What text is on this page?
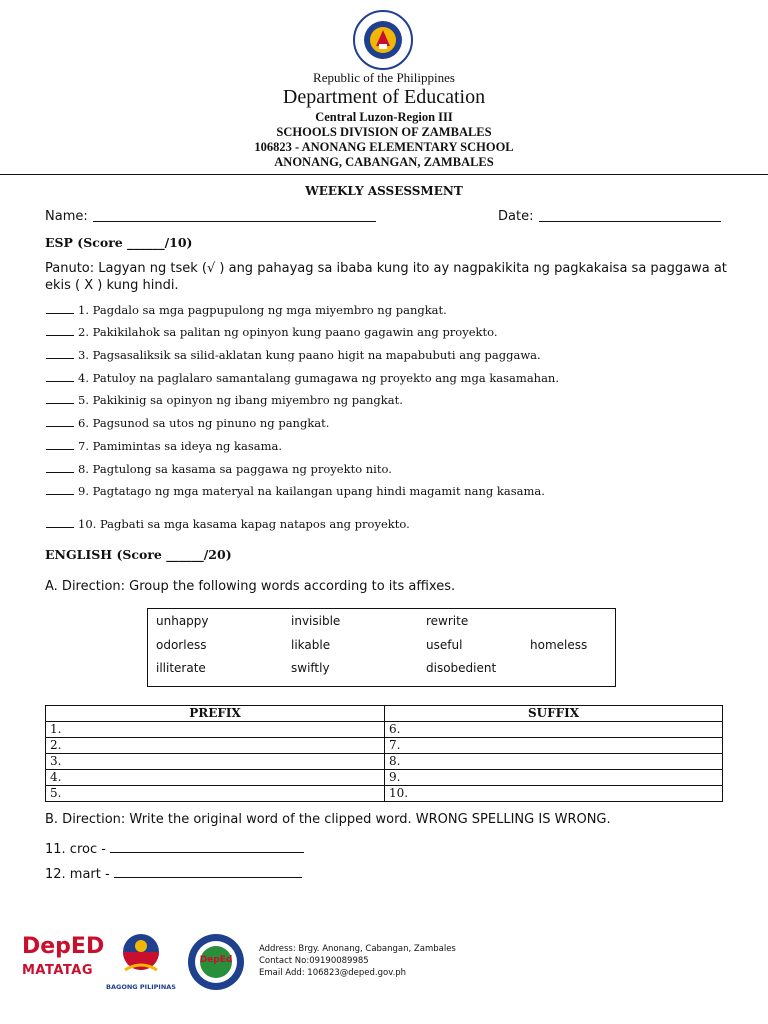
Republic of the Philippines
Department of Education
Central Luzon-Region III
SCHOOLS DIVISION OF ZAMBALES
106823 - ANONANG ELEMENTARY SCHOOL
ANONANG, CABANGAN, ZAMBALES
WEEKLY ASSESSMENT
Name:	Date:
ESP (Score ______/10)
Panuto: Lagyan ng tsek (√ ) ang pahayag sa ibaba kung ito ay nagpakikita ng pagkakaisa sa paggawa at ekis ( X ) kung hindi.
1. Pagdalo sa mga pagpupulong ng mga miyembro ng pangkat.
2. Pakikilahok sa palitan ng opinyon kung paano gagawin ang proyekto.
3. Pagsasaliksik sa silid-aklatan kung paano higit na mapabubuti ang paggawa.
4. Patuloy na paglalaro samantalang gumagawa ng proyekto ang mga kasamahan.
5. Pakikinig sa opinyon ng ibang miyembro ng pangkat.
6. Pagsunod sa utos ng pinuno ng pangkat.
7. Pamimintas sa ideya ng kasama.
8. Pagtulong sa kasama sa paggawa ng proyekto nito.
9. Pagtatago ng mga materyal na kailangan upang hindi magamit nang kasama.
10. Pagbati sa mga kasama kapag natapos ang proyekto.
ENGLISH (Score ______/20)
A. Direction: Group the following words according to its affixes.
unhappy	invisible	rewrite
odorless	likable	useful	homeless
illiterate	swiftly	disobedient
PREFIX	SUFFIX
1.	6.
2.	7.
3.	8.
4.	9.
5.	10.
B. Direction: Write the original word of the clipped word. WRONG SPELLING IS WRONG.
11. croc -
12. mart -
DepED
MATATAG
BAGONG PILIPINAS
DepEd
Address: Brgy. Anonang, Cabangan, Zambales
Contact No:09190089985
Email Add: 106823@deped.gov.ph
